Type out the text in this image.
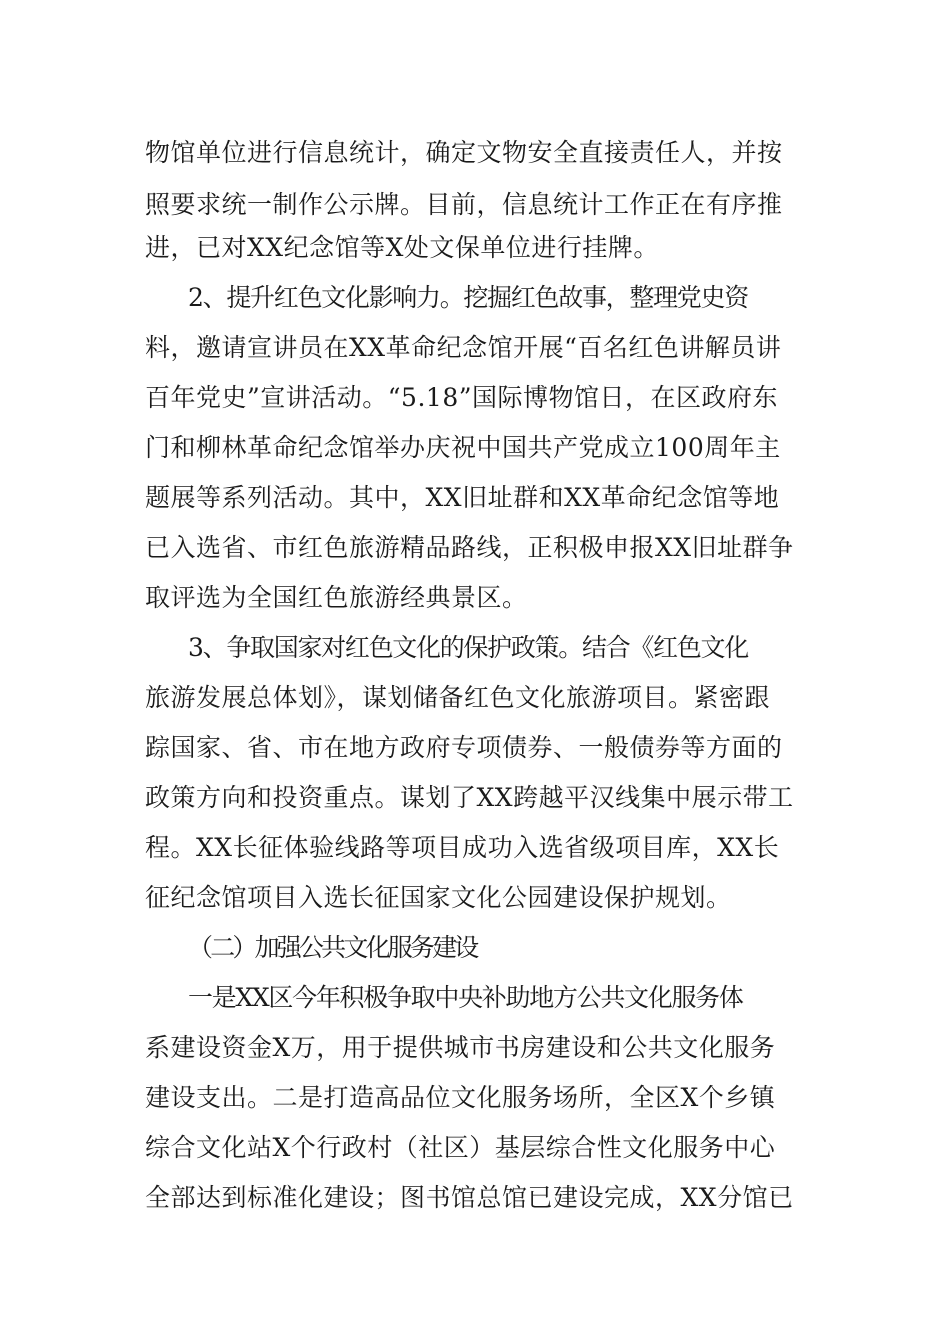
物馆单位进行信息统计，确定文物安全直接责任人，并按
照要求统一制作公示牌。目前，信息统计工作正在有序推
进，已对XX纪念馆等X处文保单位进行挂牌。
2、提升红色文化影响力。挖掘红色故事，整理党史资
料，邀请宣讲员在XX革命纪念馆开展“百名红色讲解员讲
百年党史”宣讲活动。“5.18”国际博物馆日，在区政府东
门和柳林革命纪念馆举办庆祝中国共产党成立100周年主
题展等系列活动。其中，XX旧址群和XX革命纪念馆等地
已入选省、市红色旅游精品路线，正积极申报XX旧址群争
取评选为全国红色旅游经典景区。
3、争取国家对红色文化的保护政策。结合《红色文化
旅游发展总体划》，谋划储备红色文化旅游项目。紧密跟
踪国家、省、市在地方政府专项债券、一般债券等方面的
政策方向和投资重点。谋划了XX跨越平汉线集中展示带工
程。XX长征体验线路等项目成功入选省级项目库，XX长
征纪念馆项目入选长征国家文化公园建设保护规划。
（二）加强公共文化服务建设
一是XX区今年积极争取中央补助地方公共文化服务体
系建设资金X万，用于提供城市书房建设和公共文化服务
建设支出。二是打造高品位文化服务场所，全区X个乡镇
综合文化站X个行政村（社区）基层综合性文化服务中心
全部达到标准化建设；图书馆总馆已建设完成，XX分馆已
